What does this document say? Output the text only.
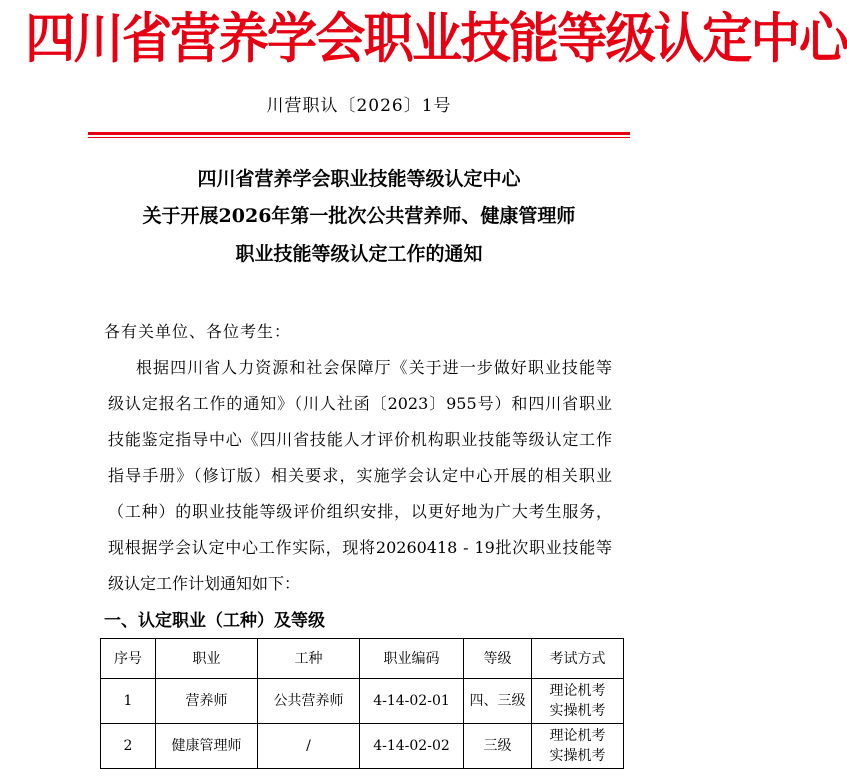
四川省营养学会职业技能等级认定中心
川营职认〔2026〕1号
四川省营养学会职业技能等级认定中心
关于开展2026年第一批次公共营养师、健康管理师
职业技能等级认定工作的通知
各有关单位、各位考生：
根据四川省人力资源和社会保障厅《关于进一步做好职业技能等
级认定报名工作的通知》（川人社函〔2023〕955号）和四川省职业
技能鉴定指导中心《四川省技能人才评价机构职业技能等级认定工作
指导手册》（修订版）相关要求，实施学会认定中心开展的相关职业
（工种）的职业技能等级评价组织安排，以更好地为广大考生服务，
现根据学会认定中心工作实际，现将20260418 - 19批次职业技能等
级认定工作计划通知如下：
一、认定职业（工种）及等级
序号	职业	工种	职业编码	等级	考试方式
1	营养师	公共营养师	4-14-02-01	四、三级	理论机考
实操机考

2	健康管理师	/	4-14-02-02	三级	理论机考
实操机考
